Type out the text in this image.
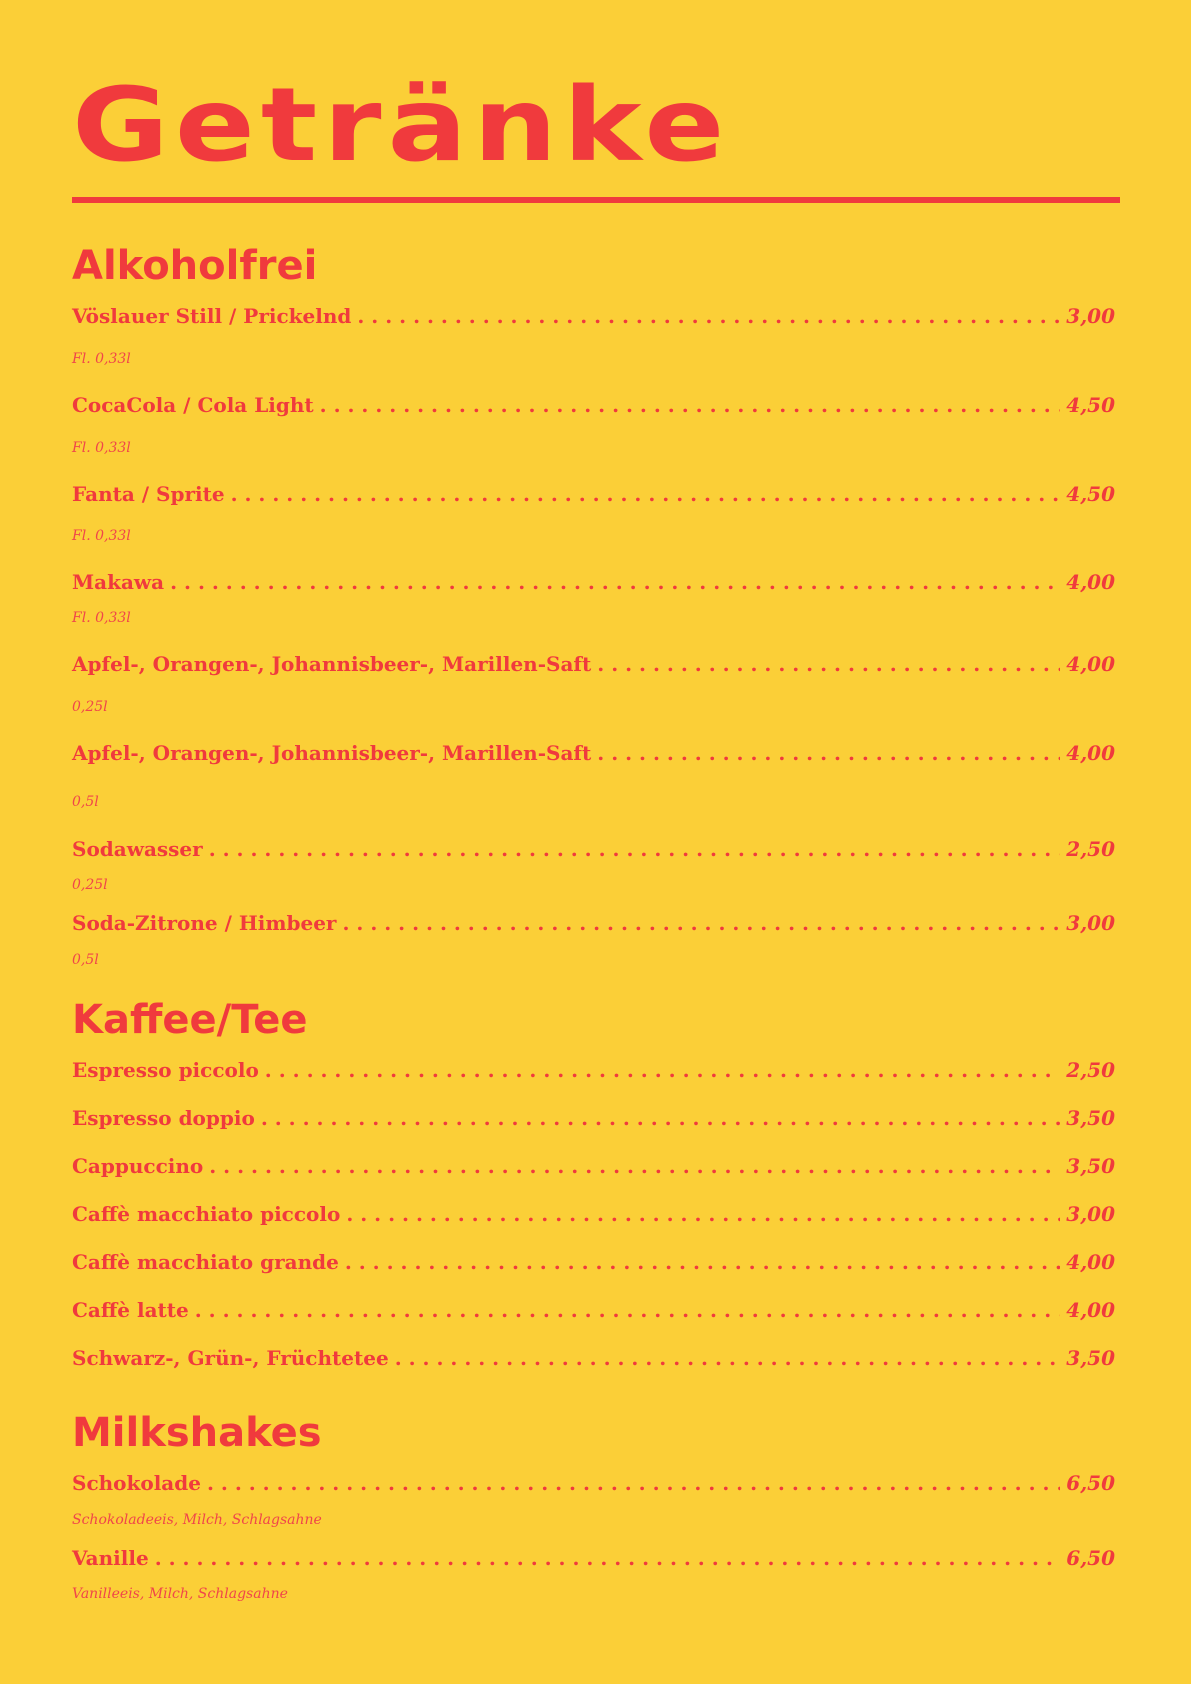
Getränke
Alkoholfrei
Vöslauer Still / Prickelnd . . .	3,00
Fl. 0,33l
CocaCola / Cola Light . . .	4,50
Fl. 0,33l
Fanta / Sprite . . .	4,50
Fl. 0,33l
Makawa . . .	4,00
Fl. 0,33l
Apfel-, Orangen-, Johannisbeer-, Marillen-Saft . . .	4,00
0,25l
Apfel-, Orangen-, Johannisbeer-, Marillen-Saft . . .	4,00
0,5l
Sodawasser . . .	2,50
0,25l
Soda-Zitrone / Himbeer . . .	3,00
0,5l
Kaffee/Tee
Espresso piccolo . . .	2,50
Espresso doppio . . .	3,50
Cappuccino . . .	3,50
Caffè macchiato piccolo . . .	3,00
Caffè macchiato grande . . .	4,00
Caffè latte . . .	4,00
Schwarz-, Grün-, Früchtetee . . .	3,50
Milkshakes
Schokolade . . .	6,50
Schokoladeeis, Milch, Schlagsahne
Vanille . . .	6,50
Vanilleeis, Milch, Schlagsahne
